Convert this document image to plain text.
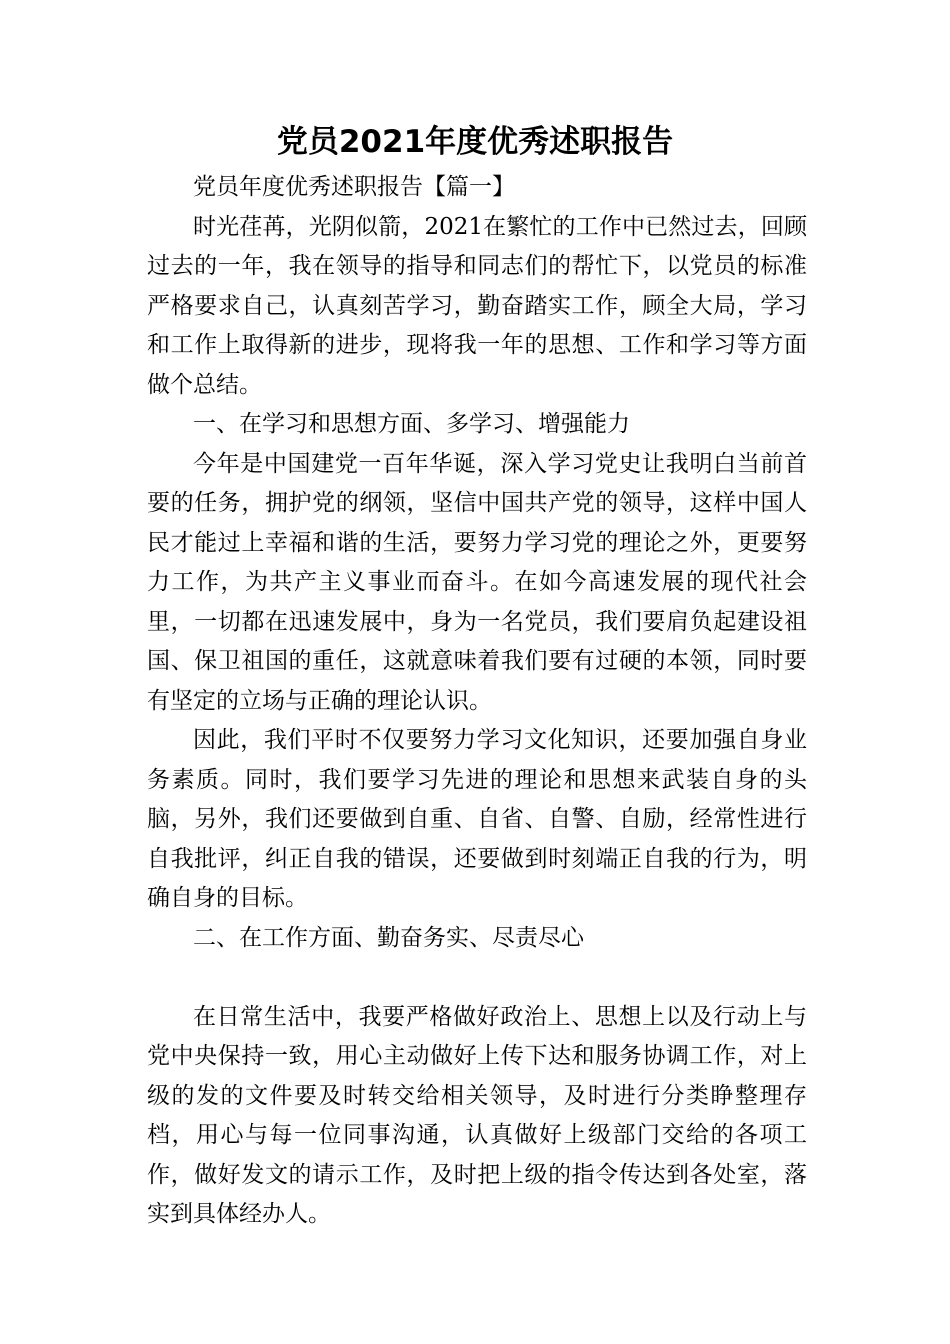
党员2021年度优秀述职报告

党员年度优秀述职报告【篇一】

时光荏苒，光阴似箭，2021在繁忙的工作中已然过去，回顾过去的一年，我在领导的指导和同志们的帮忙下，以党员的标准严格要求自己，认真刻苦学习，勤奋踏实工作，顾全大局，学习和工作上取得新的进步，现将我一年的思想、工作和学习等方面做个总结。

一、在学习和思想方面、多学习、增强能力

今年是中国建党一百年华诞，深入学习党史让我明白当前首要的任务，拥护党的纲领，坚信中国共产党的领导，这样中国人民才能过上幸福和谐的生活，要努力学习党的理论之外，更要努力工作，为共产主义事业而奋斗。在如今高速发展的现代社会里，一切都在迅速发展中，身为一名党员，我们要肩负起建设祖国、保卫祖国的重任，这就意味着我们要有过硬的本领，同时要有坚定的立场与正确的理论认识。

因此，我们平时不仅要努力学习文化知识，还要加强自身业务素质。同时，我们要学习先进的理论和思想来武装自身的头脑，另外，我们还要做到自重、自省、自警、自励，经常性进行自我批评，纠正自我的错误，还要做到时刻端正自我的行为，明确自身的目标。

二、在工作方面、勤奋务实、尽责尽心

在日常生活中，我要严格做好政治上、思想上以及行动上与党中央保持一致，用心主动做好上传下达和服务协调工作，对上级的发的文件要及时转交给相关领导，及时进行分类睁整理存档，用心与每一位同事沟通，认真做好上级部门交给的各项工作，做好发文的请示工作，及时把上级的指令传达到各处室，落实到具体经办人。
